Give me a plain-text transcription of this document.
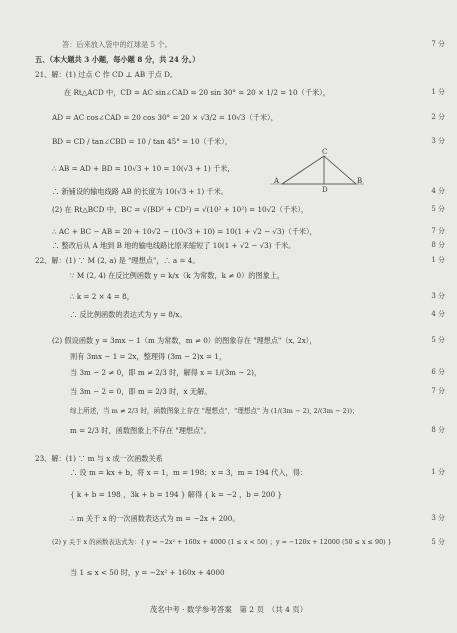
答：后来放入袋中的红球是 5 个。	7 分
五、（本大题共 3 小题，每小题 8 分，共 24 分。）
21、解：(1) 过点 C 作 CD ⊥ AB 于点 D。
在 Rt△ACD 中，CD = AC sin∠CAD = 20 sin 30° = 20 × 1/2 = 10（千米），	1 分
AD = AC cos∠CAD = 20 cos 30° = 20 × √3/2 = 10√3（千米），	2 分
BD = CD / tan∠CBD = 10 / tan 45° = 10（千米），	3 分
C
A
D
B
∴ AB = AD + BD = 10√3 + 10 = 10(√3 + 1) 千米，
∴ 新铺设的输电线路 AB 的长度为 10(√3 + 1) 千米。	4 分
(2) 在 Rt△BCD 中，BC = √(BD² + CD²) = √(10² + 10²) = 10√2（千米），	5 分
∴ AC + BC − AB = 20 + 10√2 − (10√3 + 10) = 10(1 + √2 − √3)（千米），	7 分
∴ 整改后从 A 地到 B 地的输电线路比原来缩短了 10(1 + √2 − √3) 千米。	8 分
22、解：(1) ∵ M (2, a) 是 "理想点"，∴ a = 4。	1 分
∵ M (2, 4) 在反比例函数 y = k/x（k 为常数，k ≠ 0）的图象上，
∴ k = 2 × 4 = 8，	3 分
∴ 反比例函数的表达式为 y = 8/x。	4 分
(2) 假设函数 y = 3mx − 1（m 为常数，m ≠ 0）的图象存在 "理想点"（x, 2x），	5 分
则有 3mx − 1 = 2x，整理得 (3m − 2)x = 1，
当 3m − 2 ≠ 0，即 m ≠ 2/3 时，解得 x = 1/(3m − 2)，	6 分
当 3m − 2 = 0，即 m = 2/3 时，x 无解。	7 分
综上所述，当 m ≠ 2/3 时，函数图象上存在 "理想点"，"理想点" 为 (1/(3m − 2), 2/(3m − 2))；
m = 2/3 时，函数图象上不存在 "理想点"。	8 分
23、解：(1) ∵ m 与 x 成一次函数关系
∴ 设 m = kx + b，将 x = 1，m = 198；x = 3，m = 194 代入，得：	1 分
{ k + b = 198 ，3k + b = 194 } 解得 { k = −2 ，b = 200 }
∴ m 关于 x 的一次函数表达式为 m = −2x + 200。	3 分
(2) y 关于 x 的函数表达式为：{ y = −2x² + 160x + 4000 (1 ≤ x < 50) ；y = −120x + 12000 (50 ≤ x ≤ 90) }	5 分
当 1 ≤ x < 50 时，y = −2x² + 160x + 4000
茂名中考 · 数学参考答案　第 2 页　（共 4 页）
